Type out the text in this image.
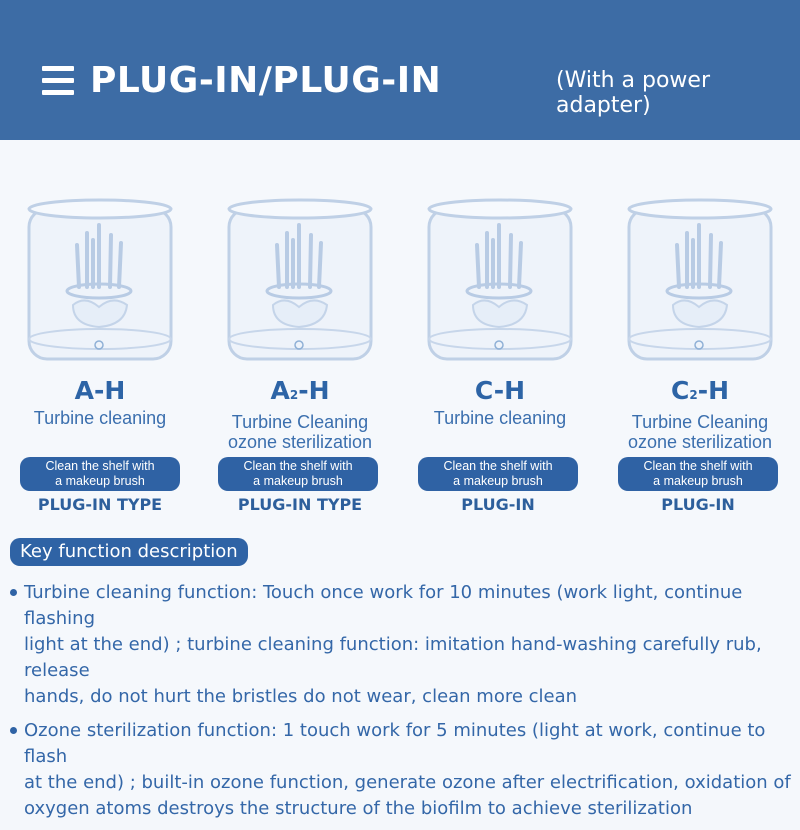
PLUG-IN/PLUG-IN	(With a power adapter)
A-H
Turbine cleaning
Clean the shelf with
a makeup brush
PLUG-IN TYPE
A2-H
Turbine Cleaning
ozone sterilization
Clean the shelf with
a makeup brush
PLUG-IN TYPE
C-H
Turbine cleaning
Clean the shelf with
a makeup brush
PLUG-IN
C2-H
Turbine Cleaning
ozone sterilization
Clean the shelf with
a makeup brush
PLUG-IN
Key function description
Turbine cleaning function: Touch once work for 10 minutes (work light, continue flashing
light at the end) ; turbine cleaning function: imitation hand-washing carefully rub, release
hands, do not hurt the bristles do not wear, clean more clean
Ozone sterilization function: 1 touch work for 5 minutes (light at work, continue to flash
at the end) ; built-in ozone function, generate ozone after electrification, oxidation of
oxygen atoms destroys the structure of the biofilm to achieve sterilization
